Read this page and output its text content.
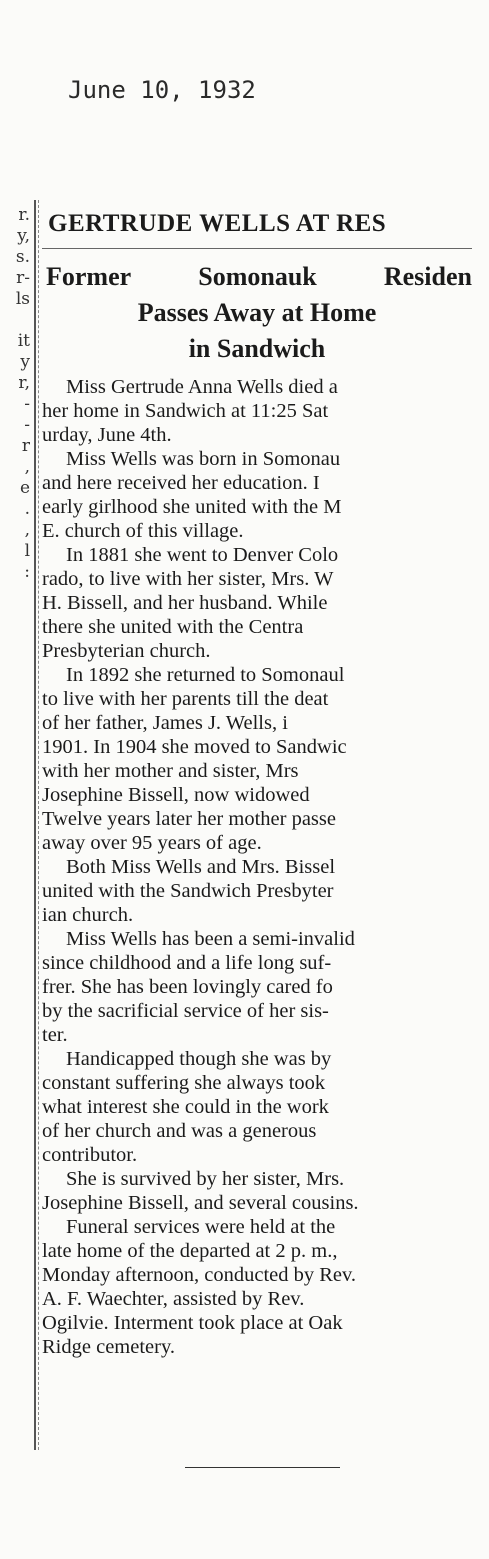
June 10, 1932
r.
y,
s.
r-
ls
it
y
r,
-
-
r
,
e
.
,
l
:
GERTRUDE WELLS AT RES
Former	Somonauk	Residen
Passes Away at Home
in Sandwich

Miss Gertrude Anna Wells died a
her home in Sandwich at 11:25 Sat
urday, June 4th.

Miss Wells was born in Somonau
and here received her education. I
early girlhood she united with the M
E. church of this village.

In 1881 she went to Denver Colo
rado, to live with her sister, Mrs. W
H. Bissell, and her husband. While
there she united with the Centra
Presbyterian church.

In 1892 she returned to Somonaul
to live with her parents till the deat
of her father, James J. Wells, i
1901. In 1904 she moved to Sandwic
with her mother and sister, Mrs
Josephine Bissell, now widowed
Twelve years later her mother passe
away over 95 years of age.

Both Miss Wells and Mrs. Bissel
united with the Sandwich Presbyter
ian church.

Miss Wells has been a semi-invalid
since childhood and a life long suf-
frer. She has been lovingly cared fo
by the sacrificial service of her sis-
ter.

Handicapped though she was by
constant suffering she always took
what interest she could in the work
of her church and was a generous
contributor.

She is survived by her sister, Mrs.
Josephine Bissell, and several cousins.

Funeral services were held at the
late home of the departed at 2 p. m.,
Monday afternoon, conducted by Rev.
A. F. Waechter, assisted by Rev.
Ogilvie. Interment took place at Oak
Ridge cemetery.
